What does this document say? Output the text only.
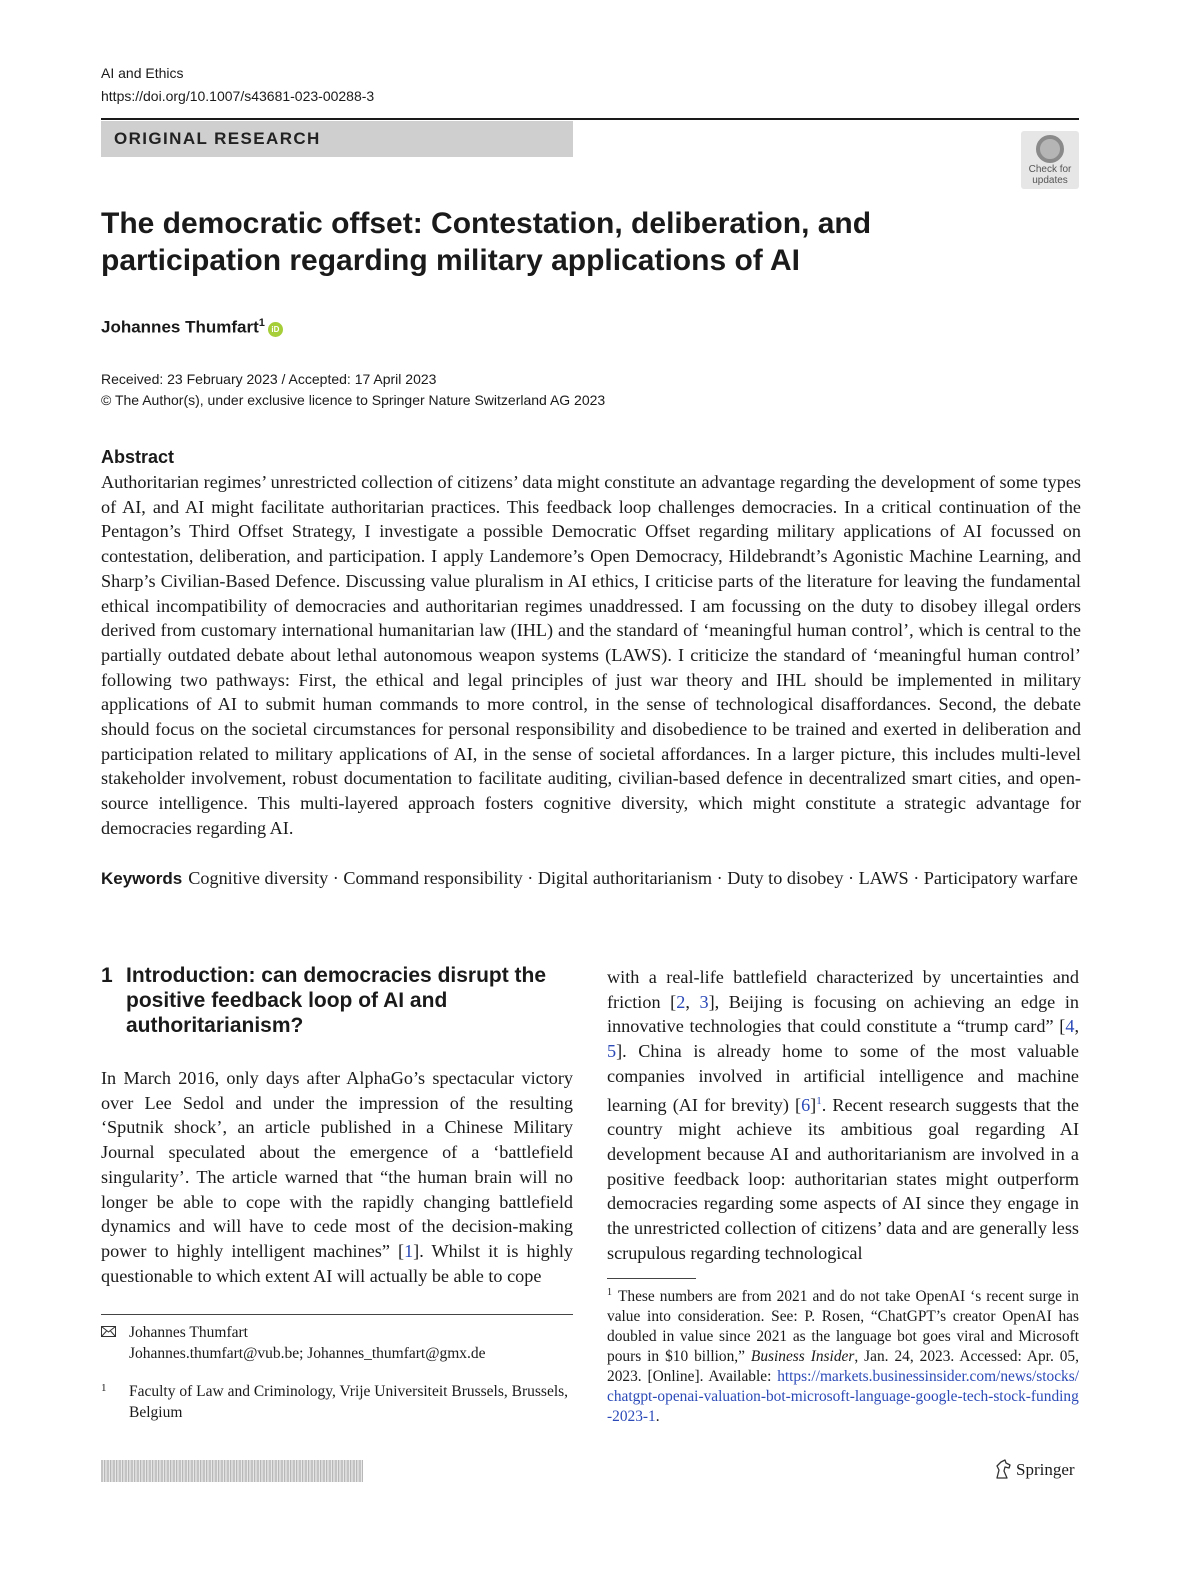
AI and Ethics
https://doi.org/10.1007/s43681-023-00288-3
ORIGINAL RESEARCH
Check for updates
The democratic offset: Contestation, deliberation, and participation regarding military applications of AI
Johannes Thumfart$^1$iD
Received: 23 February 2023 / Accepted: 17 April 2023
© The Author(s), under exclusive licence to Springer Nature Switzerland AG 2023
Abstract

Authoritarian regimes’ unrestricted collection of citizens’ data might constitute an advantage regarding the development of some types of AI, and AI might facilitate authoritarian practices. This feedback loop challenges democracies. In a critical continuation of the Pentagon’s Third Offset Strategy, I investigate a possible Democratic Offset regarding military applications of AI focussed on contestation, deliberation, and participation. I apply Landemore’s Open Democracy, Hildebrandt’s Agonistic Machine Learning, and Sharp’s Civilian-Based Defence. Discussing value pluralism in AI ethics, I criticise parts of the literature for leaving the fundamental ethical incompatibility of democracies and authoritarian regimes unaddressed. I am focussing on the duty to disobey illegal orders derived from customary international humanitarian law (IHL) and the standard of ‘meaningful human control’, which is central to the partially outdated debate about lethal autonomous weapon systems (LAWS). I criticize the standard of ‘meaningful human control’ following two pathways: First, the ethical and legal principles of just war theory and IHL should be implemented in military applications of AI to submit human commands to more control, in the sense of technological disaffordances. Second, the debate should focus on the societal circumstances for personal responsibility and disobedience to be trained and exerted in deliberation and participation related to military applications of AI, in the sense of societal affordances. In a larger picture, this includes multi-level stakeholder involvement, robust documentation to facilitate auditing, civilian-based defence in decentralized smart cities, and open-source intelligence. This multi-layered approach fosters cognitive diversity, which might constitute a strategic advantage for democracies regarding AI.

Keywords Cognitive diversity · Command responsibility · Digital authoritarianism · Duty to disobey · LAWS · Participatory warfare
1 Introduction: can democracies disrupt the positive feedback loop of AI and authoritarianism?

In March 2016, only days after AlphaGo’s spectacular victory over Lee Sedol and under the impression of the resulting ‘Sputnik shock’, an article published in a Chinese Military Journal speculated about the emergence of a ‘battlefield singularity’. The article warned that “the human brain will no longer be able to cope with the rapidly changing battlefield dynamics and will have to cede most of the decision-making power to highly intelligent machines” [1]. Whilst it is highly questionable to which extent AI will actually be able to cope

with a real-life battlefield characterized by uncertainties and friction [2, 3], Beijing is focusing on achieving an edge in innovative technologies that could constitute a “trump card” [4, 5]. China is already home to some of the most valuable companies involved in artificial intelligence and machine learning (AI for brevity) [6]$^1$. Recent research suggests that the country might achieve its ambitious goal regarding AI development because AI and authoritarianism are involved in a positive feedback loop: authoritarian states might outperform democracies regarding some aspects of AI since they engage in the unrestricted collection of citizens’ data and are generally less scrupulous regarding technological

Johannes Thumfart
Johannes.thumfart@vub.be; Johannes_thumfart@gmx.de
1	Faculty of Law and Criminology, Vrije Universiteit Brussels, Brussels, Belgium

$^1$ These numbers are from 2021 and do not take OpenAI ‘s recent surge in value into consideration. See: P. Rosen, “ChatGPT’s creator OpenAI has doubled in value since 2021 as the language bot goes viral and Microsoft pours in $10 billion,” Business Insider, Jan. 24, 2023. Accessed: Apr. 05, 2023. [Online]. Available: https://markets.businessinsider.com/news/stocks/chatgpt-openai-valuation-bot-microsoft-language-google-tech-stock-funding-2023-1.

Springer
